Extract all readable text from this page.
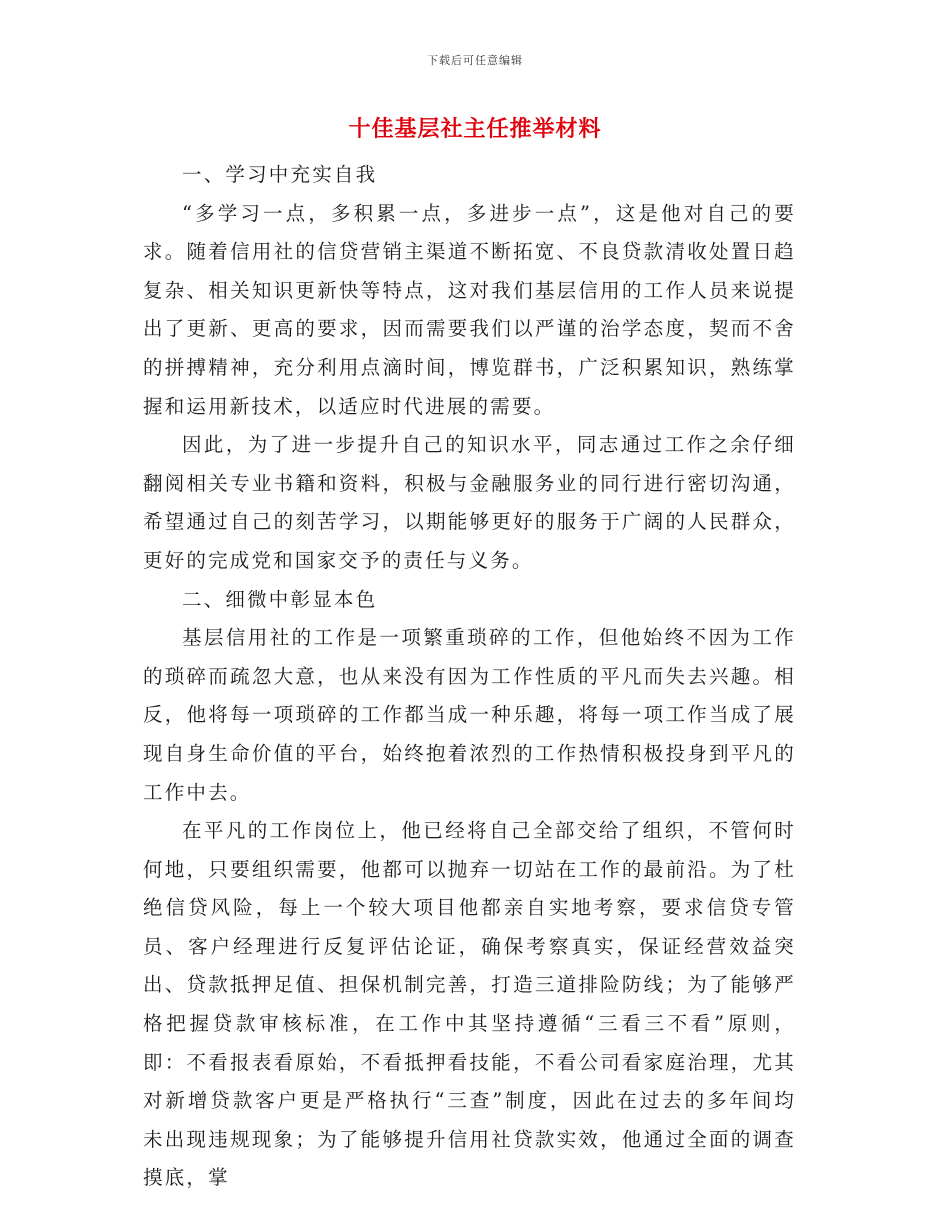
下载后可任意编辑
十佳基层社主任推举材料

一、学习中充实自我

“多学习一点，多积累一点，多进步一点”，这是他对自己的要求。随着信用社的信贷营销主渠道不断拓宽、不良贷款清收处置日趋复杂、相关知识更新快等特点，这对我们基层信用的工作人员来说提出了更新、更高的要求，因而需要我们以严谨的治学态度，契而不舍的拼搏精神，充分利用点滴时间，博览群书，广泛积累知识，熟练掌握和运用新技术，以适应时代进展的需要。

因此，为了进一步提升自己的知识水平，同志通过工作之余仔细翻阅相关专业书籍和资料，积极与金融服务业的同行进行密切沟通，希望通过自己的刻苦学习，以期能够更好的服务于广阔的人民群众，更好的完成党和国家交予的责任与义务。

二、细微中彰显本色

基层信用社的工作是一项繁重琐碎的工作，但他始终不因为工作的琐碎而疏忽大意，也从来没有因为工作性质的平凡而失去兴趣。相反，他将每一项琐碎的工作都当成一种乐趣，将每一项工作当成了展现自身生命价值的平台，始终抱着浓烈的工作热情积极投身到平凡的工作中去。

在平凡的工作岗位上，他已经将自己全部交给了组织，不管何时何地，只要组织需要，他都可以抛弃一切站在工作的最前沿。为了杜绝信贷风险，每上一个较大项目他都亲自实地考察，要求信贷专管员、客户经理进行反复评估论证，确保考察真实，保证经营效益突出、贷款抵押足值、担保机制完善，打造三道排险防线；为了能够严格把握贷款审核标准，在工作中其坚持遵循“三看三不看”原则，即：不看报表看原始，不看抵押看技能，不看公司看家庭治理，尤其对新增贷款客户更是严格执行“三查”制度，因此在过去的多年间均未出现违规现象；为了能够提升信用社贷款实效，他通过全面的调查摸底，掌
